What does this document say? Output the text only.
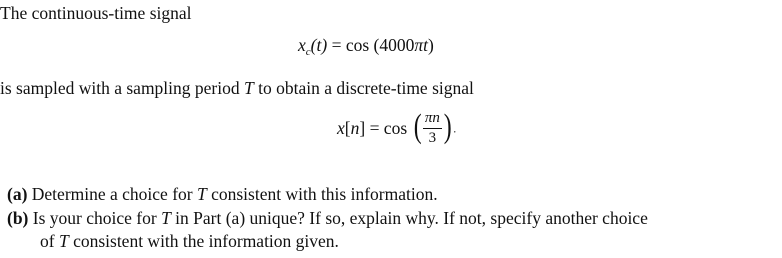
The continuous-time signal
$x_c(t) = \cos (4000\pi t)$
is sampled with a sampling period T to obtain a discrete-time signal
x[n] = cos ( $\frac{\pi n}{3}$ ) .
(a) Determine a choice for T consistent with this information.
(b) Is your choice for T in Part (a) unique? If so, explain why. If not, specify another choice
of T consistent with the information given.
